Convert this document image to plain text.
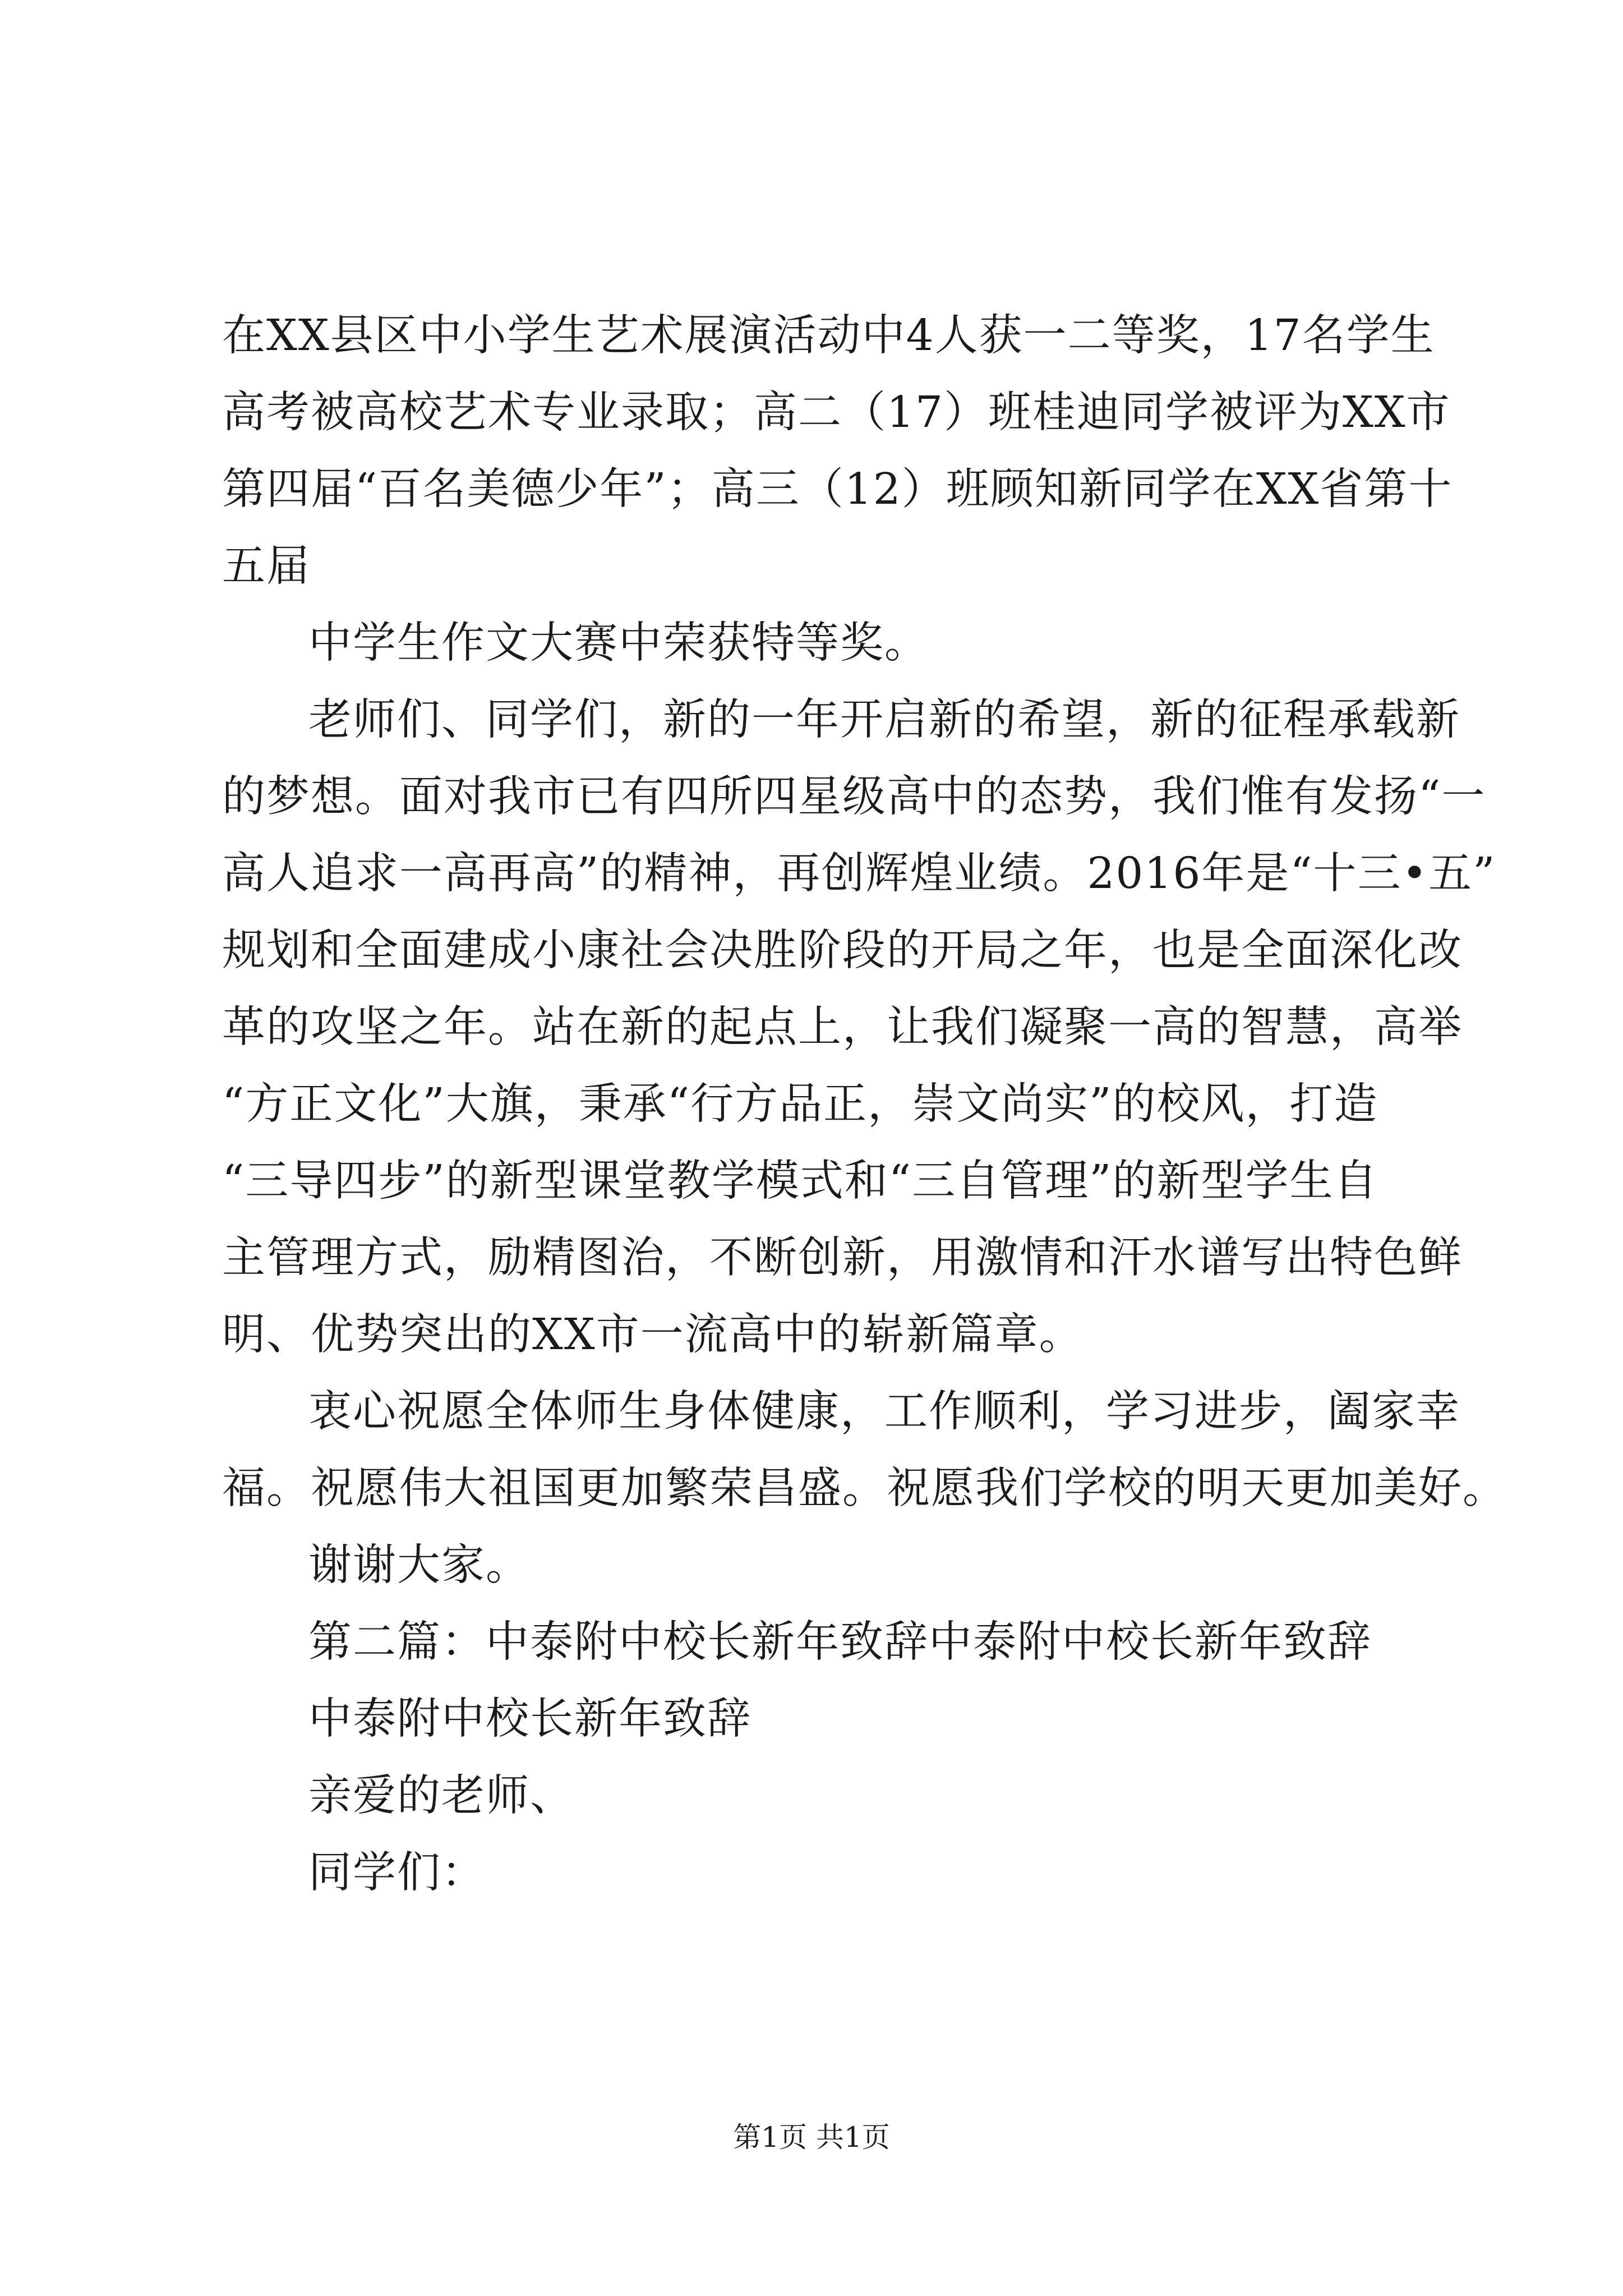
在XX县区中小学生艺术展演活动中4人获一二等奖，17名学生
高考被高校艺术专业录取；高二（17）班桂迪同学被评为XX市
第四届“百名美德少年”；高三（12）班顾知新同学在XX省第十
五届
中学生作文大赛中荣获特等奖。
老师们、同学们，新的一年开启新的希望，新的征程承载新
的梦想。面对我市已有四所四星级高中的态势，我们惟有发扬“一
高人追求一高再高”的精神，再创辉煌业绩。2016年是“十三•五”
规划和全面建成小康社会决胜阶段的开局之年，也是全面深化改
革的攻坚之年。站在新的起点上，让我们凝聚一高的智慧，高举
“方正文化”大旗，秉承“行方品正，崇文尚实”的校风，打造
“三导四步”的新型课堂教学模式和“三自管理”的新型学生自
主管理方式，励精图治，不断创新，用激情和汗水谱写出特色鲜
明、优势突出的XX市一流高中的崭新篇章。
衷心祝愿全体师生身体健康，工作顺利，学习进步，阖家幸
福。祝愿伟大祖国更加繁荣昌盛。祝愿我们学校的明天更加美好。
谢谢大家。
第二篇：中泰附中校长新年致辞中泰附中校长新年致辞
中泰附中校长新年致辞
亲爱的老师、
同学们：
第1页 共1页
